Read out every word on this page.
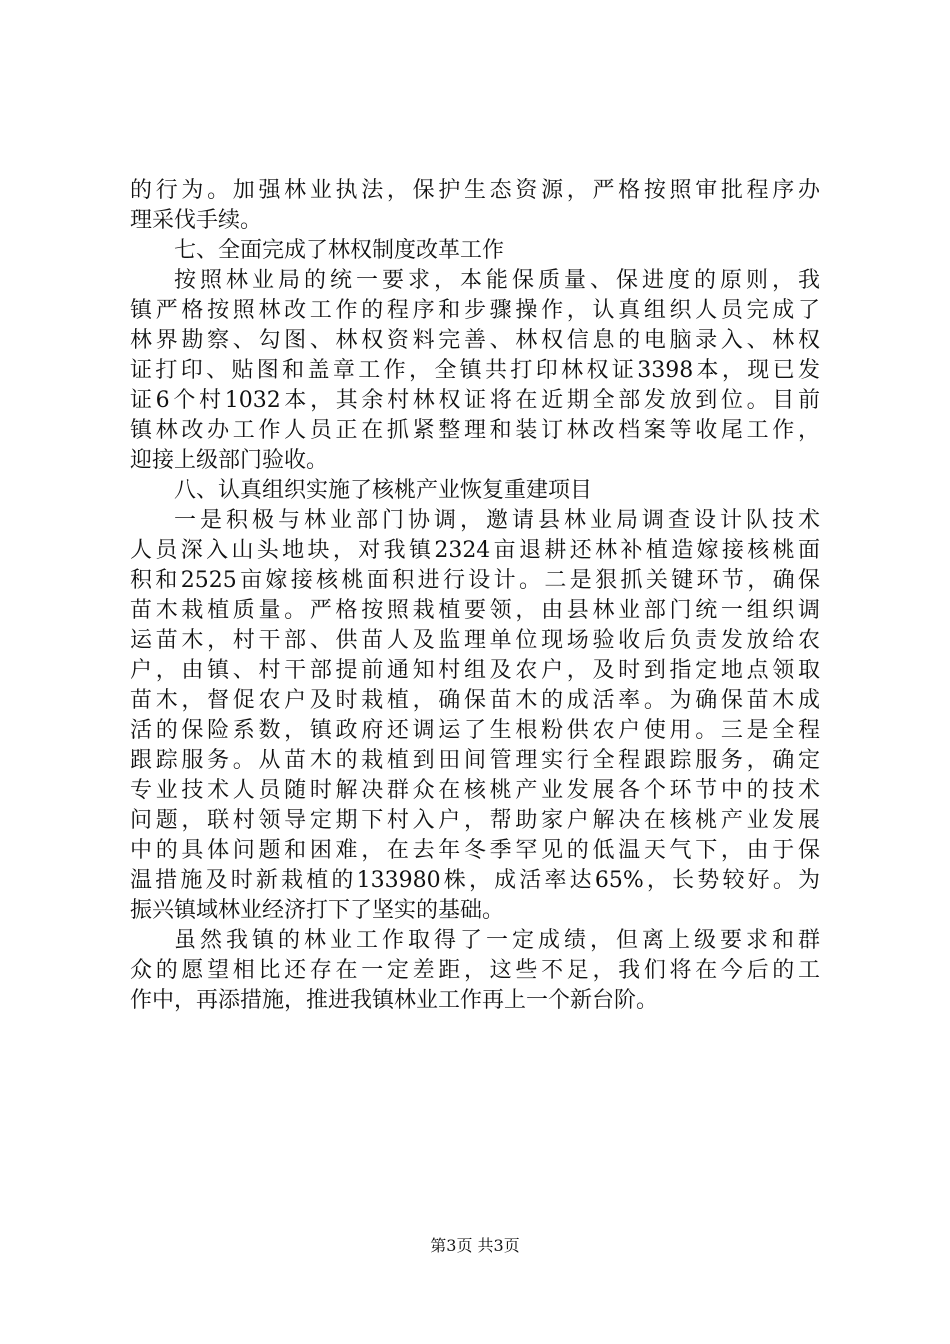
的行为。加强林业执法，保护生态资源，严格按照审批程序办
理采伐手续。
七、全面完成了林权制度改革工作
按照林业局的统一要求，本能保质量、保进度的原则，我
镇严格按照林改工作的程序和步骤操作，认真组织人员完成了
林界勘察、勾图、林权资料完善、林权信息的电脑录入、林权
证打印、贴图和盖章工作，全镇共打印林权证3398本，现已发
证6个村1032本，其余村林权证将在近期全部发放到位。目前
镇林改办工作人员正在抓紧整理和装订林改档案等收尾工作，
迎接上级部门验收。
八、认真组织实施了核桃产业恢复重建项目
一是积极与林业部门协调，邀请县林业局调查设计队技术
人员深入山头地块，对我镇2324亩退耕还林补植造嫁接核桃面
积和2525亩嫁接核桃面积进行设计。二是狠抓关键环节，确保
苗木栽植质量。严格按照栽植要领，由县林业部门统一组织调
运苗木，村干部、供苗人及监理单位现场验收后负责发放给农
户，由镇、村干部提前通知村组及农户，及时到指定地点领取
苗木，督促农户及时栽植，确保苗木的成活率。为确保苗木成
活的保险系数，镇政府还调运了生根粉供农户使用。三是全程
跟踪服务。从苗木的栽植到田间管理实行全程跟踪服务，确定
专业技术人员随时解决群众在核桃产业发展各个环节中的技术
问题，联村领导定期下村入户，帮助家户解决在核桃产业发展
中的具体问题和困难，在去年冬季罕见的低温天气下，由于保
温措施及时新栽植的133980株，成活率达65%，长势较好。为
振兴镇域林业经济打下了坚实的基础。
虽然我镇的林业工作取得了一定成绩，但离上级要求和群
众的愿望相比还存在一定差距，这些不足，我们将在今后的工
作中，再添措施，推进我镇林业工作再上一个新台阶。
第3页 共3页
